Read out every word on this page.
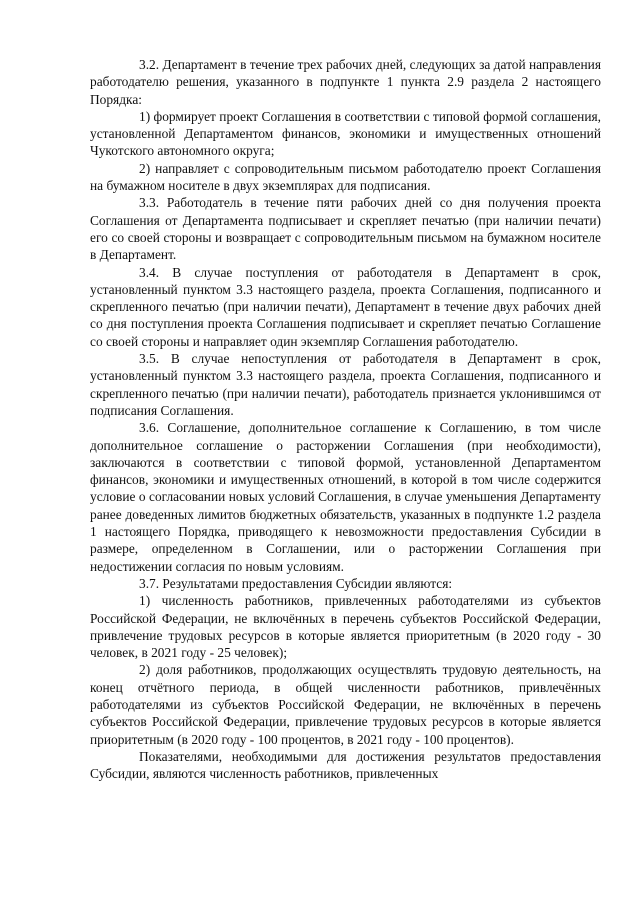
3.2. Департамент в течение трех рабочих дней, следующих за датой направления работодателю решения, указанного в подпункте 1 пункта 2.9 раздела 2 настоящего Порядка:

1) формирует проект Соглашения в соответствии с типовой формой соглашения, установленной Департаментом финансов, экономики и имущественных отношений Чукотского автономного округа;

2) направляет с сопроводительным письмом работодателю проект Соглашения на бумажном носителе в двух экземплярах для подписания.

3.3. Работодатель в течение пяти рабочих дней со дня получения проекта Соглашения от Департамента подписывает и скрепляет печатью (при наличии печати) его со своей стороны и возвращает с сопроводительным письмом на бумажном носителе в Департамент.

3.4. В случае поступления от работодателя в Департамент в срок, установленный пунктом 3.3 настоящего раздела, проекта Соглашения, подписанного и скрепленного печатью (при наличии печати), Департамент в течение двух рабочих дней со дня поступления проекта Соглашения подписывает и скрепляет печатью Соглашение со своей стороны и направляет один экземпляр Соглашения работодателю.

3.5. В случае непоступления от работодателя в Департамент в срок, установленный пунктом 3.3 настоящего раздела, проекта Соглашения, подписанного и скрепленного печатью (при наличии печати), работодатель признается уклонившимся от подписания Соглашения.

3.6. Соглашение, дополнительное соглашение к Соглашению, в том числе дополнительное соглашение о расторжении Соглашения (при необходимости), заключаются в соответствии с типовой формой, установленной Департаментом финансов, экономики и имущественных отношений, в которой в том числе содержится условие о согласовании новых условий Соглашения, в случае уменьшения Департаменту ранее доведенных лимитов бюджетных обязательств, указанных в подпункте 1.2 раздела 1 настоящего Порядка, приводящего к невозможности предоставления Субсидии в размере, определенном в Соглашении, или о расторжении Соглашения при недостижении согласия по новым условиям.

3.7. Результатами предоставления Субсидии являются:

1) численность работников, привлеченных работодателями из субъектов Российской Федерации, не включённых в перечень субъектов Российской Федерации, привлечение трудовых ресурсов в которые является приоритетным (в 2020 году - 30 человек, в 2021 году - 25 человек);

2) доля работников, продолжающих осуществлять трудовую деятельность, на конец отчётного периода, в общей численности работников, привлечённых работодателями из субъектов Российской Федерации, не включённых в перечень субъектов Российской Федерации, привлечение трудовых ресурсов в которые является приоритетным (в 2020 году - 100 процентов, в 2021 году - 100 процентов).

Показателями, необходимыми для достижения результатов предоставления Субсидии, являются численность работников, привлеченных
